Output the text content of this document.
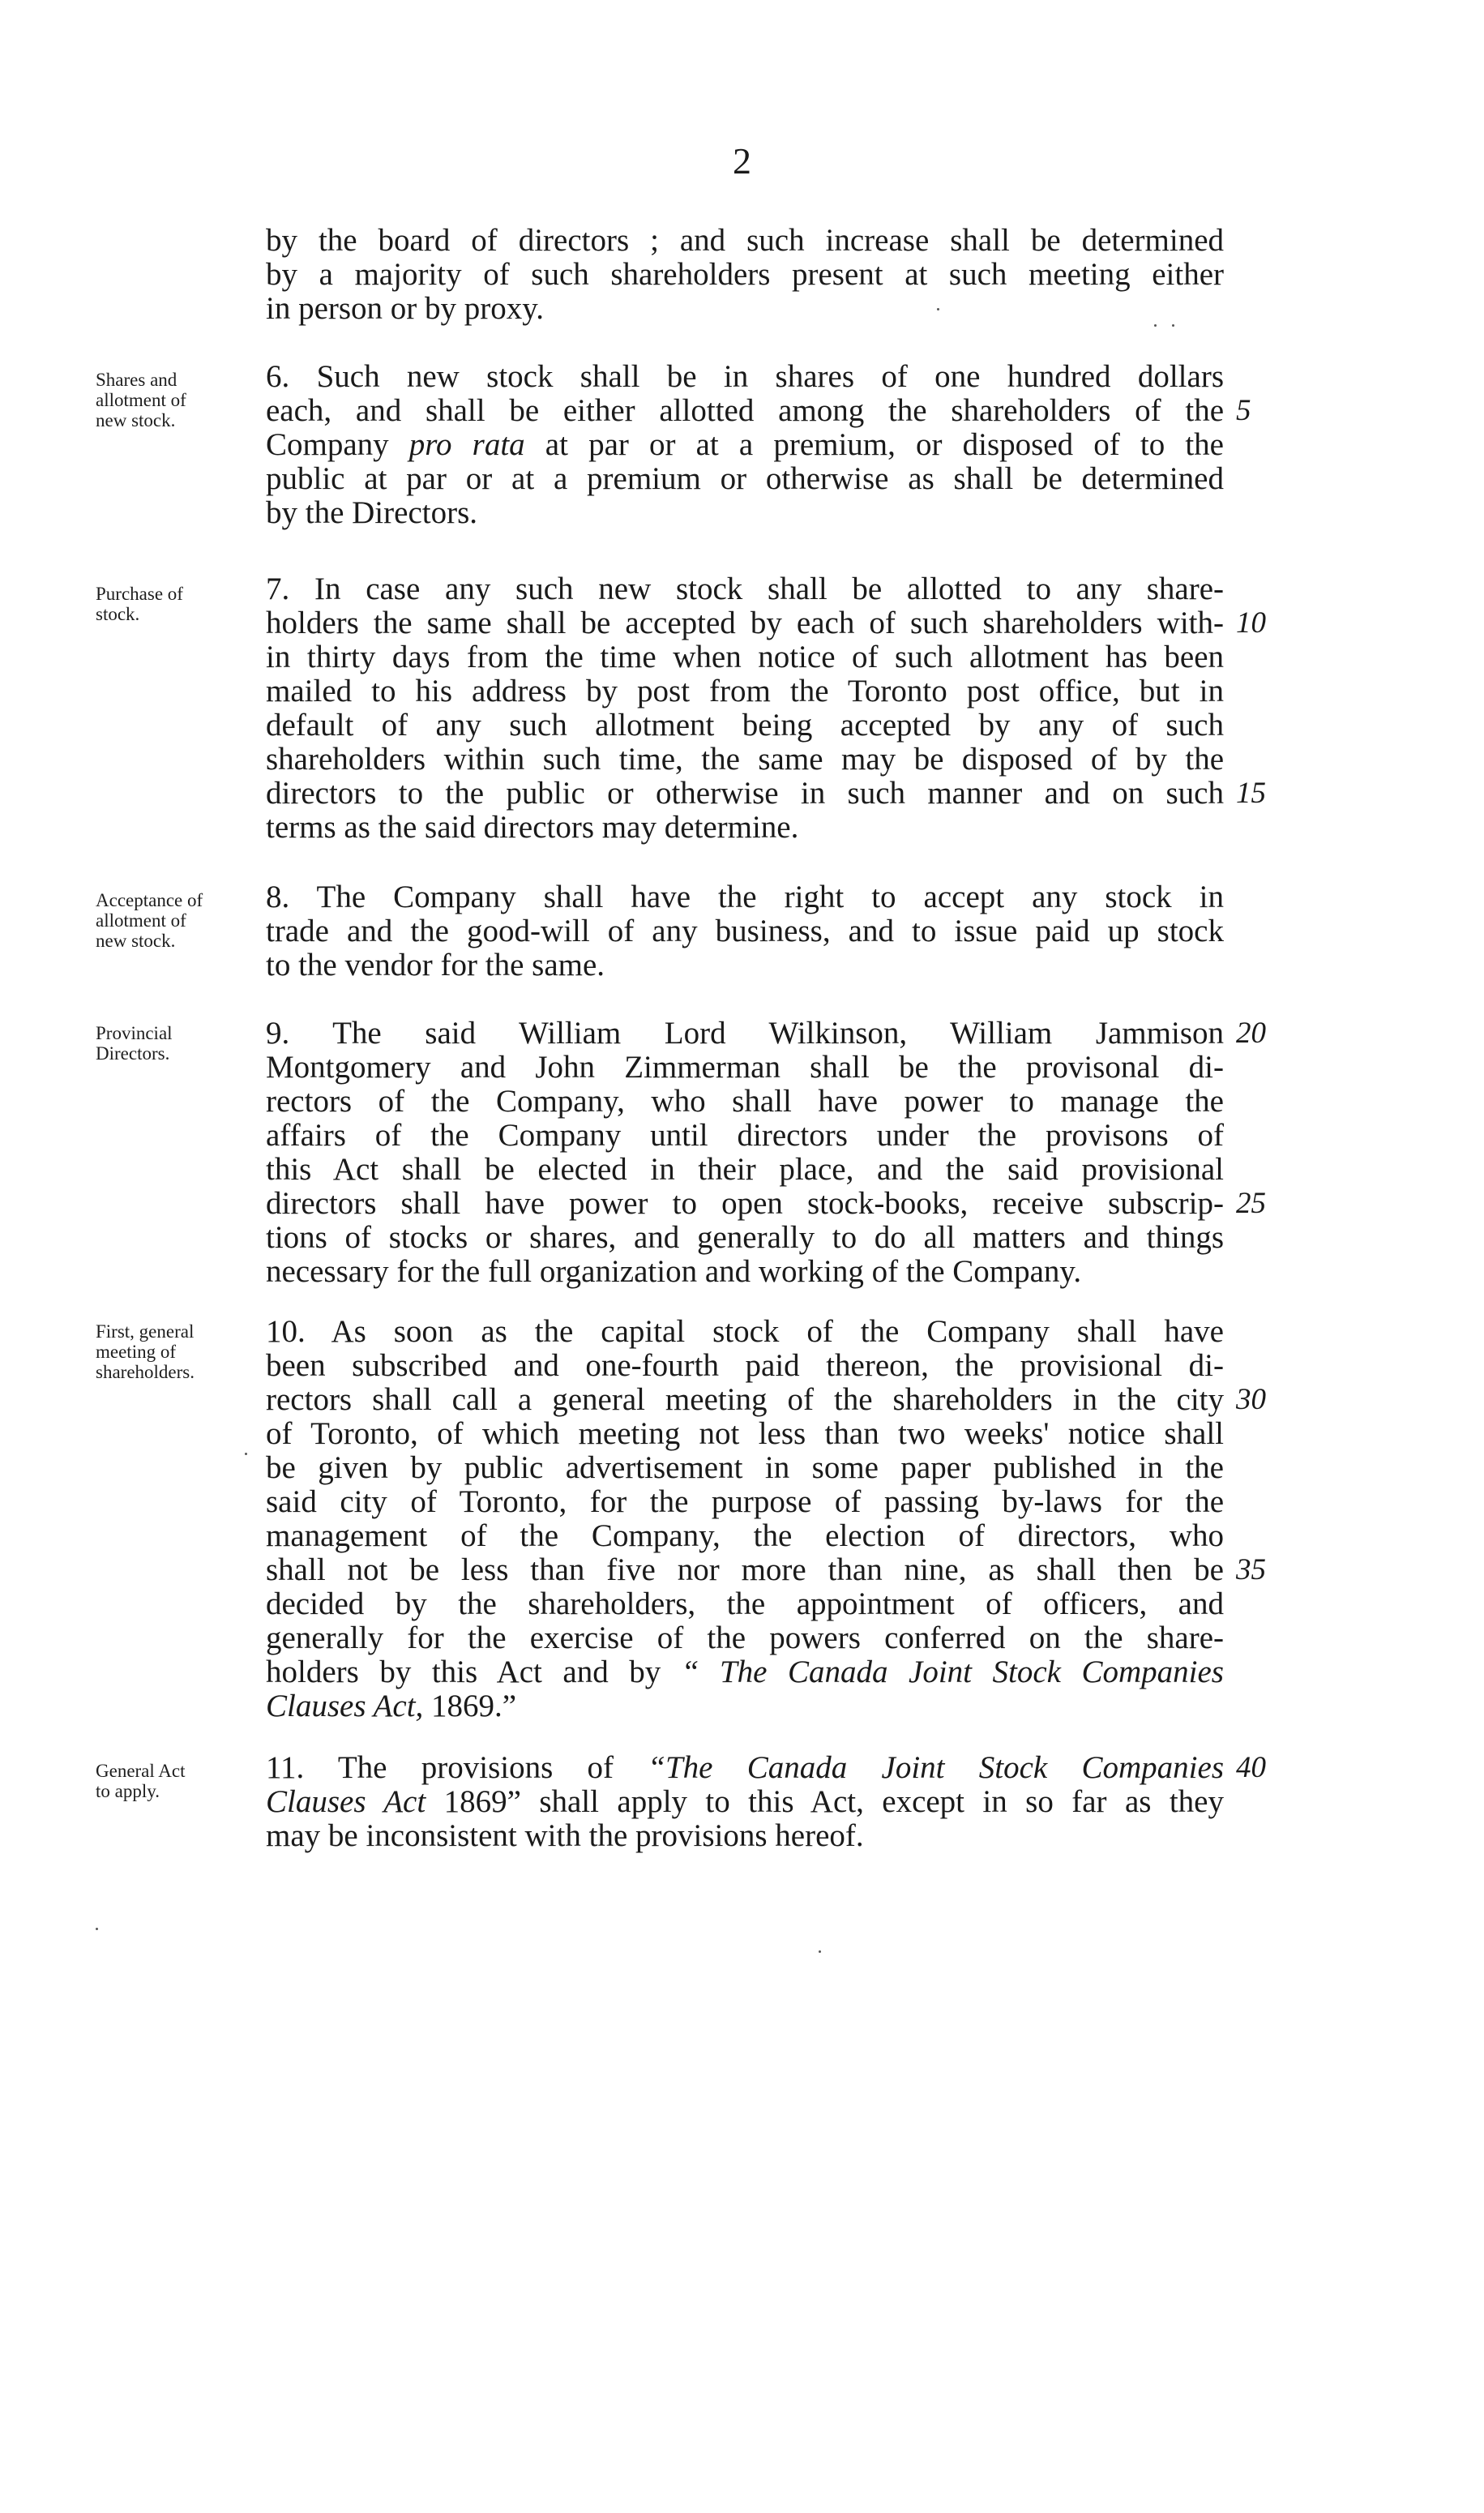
2
by the board of directors ; and such increase shall be determined
by a majority of such shareholders present at such meeting either
in person or by proxy.
Shares and
allotment of
new stock.
6. Such new stock shall be in shares of one hundred dollars
each, and shall be either allotted among the shareholders of the
Company pro rata at par or at a premium, or disposed of to the
public at par or at a premium or otherwise as shall be determined
by the Directors.
Purchase of
stock.
7. In case any such new stock shall be allotted to any share-
holders the same shall be accepted by each of such shareholders with-
in thirty days from the time when notice of such allotment has been
mailed to his address by post from the Toronto post office, but in
default of any such allotment being accepted by any of such
shareholders within such time, the same may be disposed of by the
directors to the public or otherwise in such manner and on such
terms as the said directors may determine.
Acceptance of
allotment of
new stock.
8. The Company shall have the right to accept any stock in
trade and the good-will of any business, and to issue paid up stock
to the vendor for the same.
Provincial
Directors.
9. The said William Lord Wilkinson, William Jammison
Montgomery and John Zimmerman shall be the provisonal di-
rectors of the Company, who shall have power to manage the
affairs of the Company until directors under the provisons of
this Act shall be elected in their place, and the said provisional
directors shall have power to open stock-books, receive subscrip-
tions of stocks or shares, and generally to do all matters and things
necessary for the full organization and working of the Company.
First, general
meeting of
shareholders.
10. As soon as the capital stock of the Company shall have
been subscribed and one-fourth paid thereon, the provisional di-
rectors shall call a general meeting of the shareholders in the city
of Toronto, of which meeting not less than two weeks' notice shall
be given by public advertisement in some paper published in the
said city of Toronto, for the purpose of passing by-laws for the
management of the Company, the election of directors, who
shall not be less than five nor more than nine, as shall then be
decided by the shareholders, the appointment of officers, and
generally for the exercise of the powers conferred on the share-
holders by this Act and by “ The Canada Joint Stock Companies
Clauses Act, 1869.”
General Act
to apply.
11. The provisions of “The Canada Joint Stock Companies
Clauses Act 1869” shall apply to this Act, except in so far as they
may be inconsistent with the provisions hereof.
5
10
15
20
25
30
35
40
